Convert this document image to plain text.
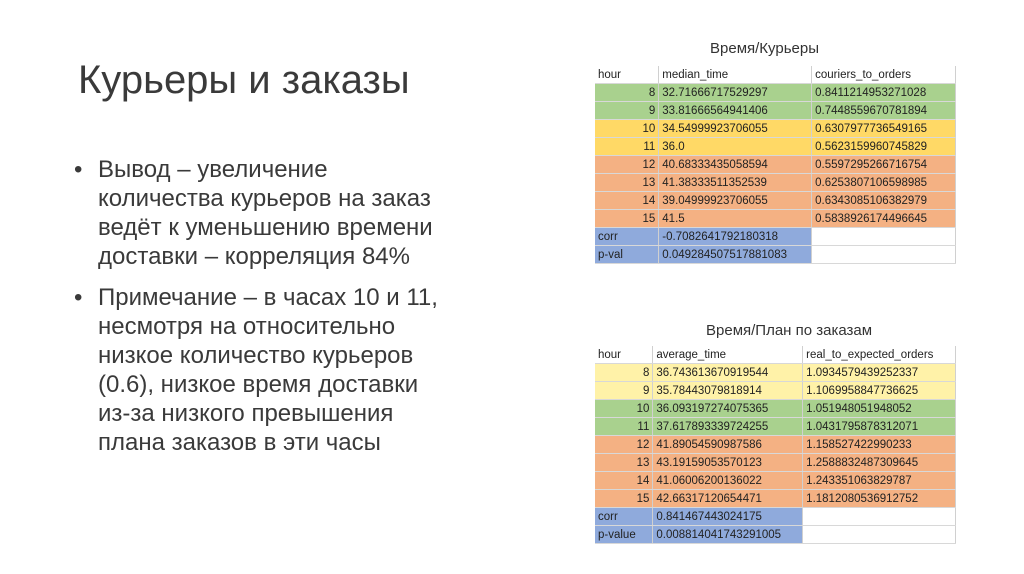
Курьеры и заказы
• Вывод – увеличение
количества курьеров на заказ
ведёт к уменьшению времени
доставки – корреляция 84%
• Примечание – в часах 10 и 11,
несмотря на относительно
низкое количество курьеров
(0.6), низкое время доставки
из-за низкого превышения
плана заказов в эти часы
Время/Курьеры
hour	median_time	couriers_to_orders
8	32.71666717529297	0.8411214953271028
9	33.81666564941406	0.7448559670781894
10	34.54999923706055	0.6307977736549165
11	36.0	0.5623159960745829
12	40.68333435058594	0.5597295266716754
13	41.38333511352539	0.6253807106598985
14	39.04999923706055	0.6343085106382979
15	41.5	0.5838926174496645
corr	-0.7082641792180318	
p-val	0.049284507517881083	
Время/План по заказам
hour	average_time	real_to_expected_orders
8	36.743613670919544	1.0934579439252337
9	35.78443079818914	1.1069958847736625
10	36.093197274075365	1.051948051948052
11	37.617893339724255	1.0431795878312071
12	41.89054590987586	1.158527422990233
13	43.19159053570123	1.2588832487309645
14	41.06006200136022	1.243351063829787
15	42.66317120654471	1.1812080536912752
corr	0.841467443024175	
p-value	0.008814041743291005	
